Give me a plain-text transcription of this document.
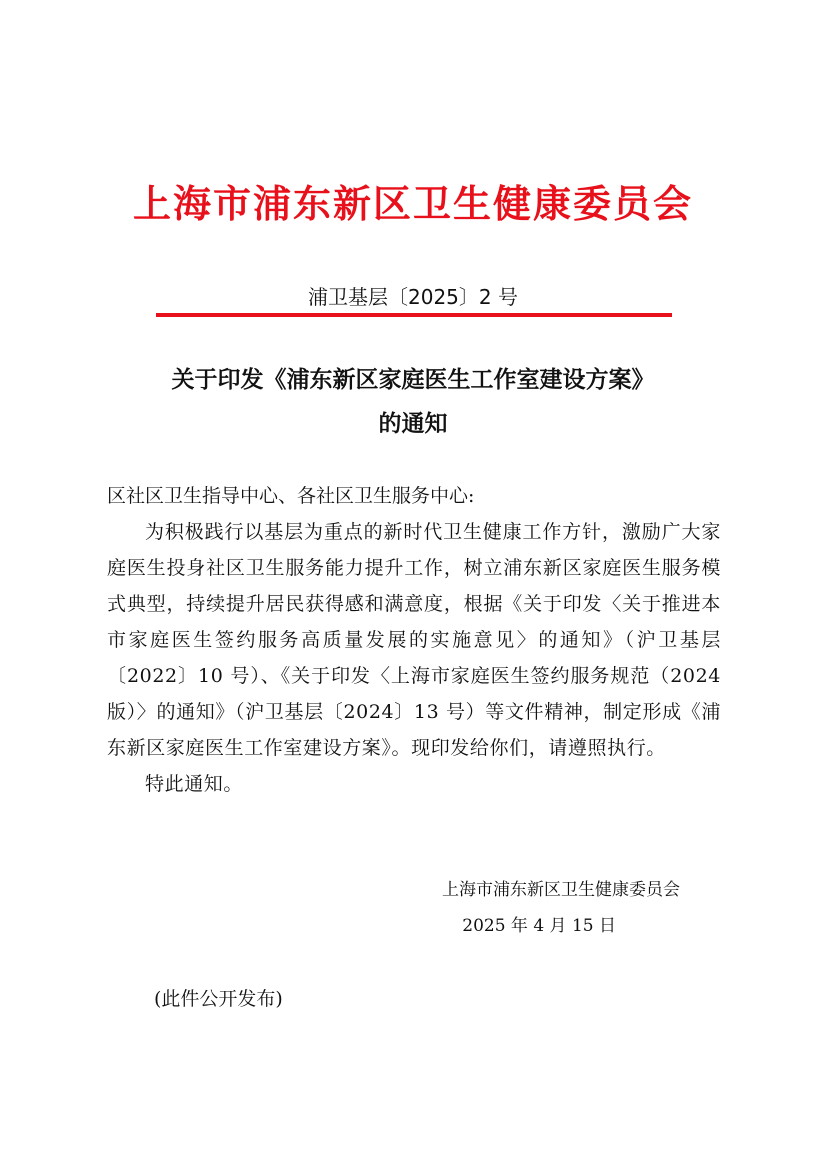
上海市浦东新区卫生健康委员会
浦卫基层〔2025〕2 号
关于印发《浦东新区家庭医生工作室建设方案》
的通知

区社区卫生指导中心、各社区卫生服务中心:

为积极践行以基层为重点的新时代卫生健康工作方针，激励广大家庭医生投身社区卫生服务能力提升工作，树立浦东新区家庭医生服务模式典型，持续提升居民获得感和满意度，根据《关于印发〈关于推进本市家庭医生签约服务高质量发展的实施意见〉的通知》（沪卫基层〔2022〕10 号）、《关于印发〈上海市家庭医生签约服务规范（2024 版）〉的通知》（沪卫基层〔2024〕13 号）等文件精神，制定形成《浦东新区家庭医生工作室建设方案》。现印发给你们，请遵照执行。

特此通知。

上海市浦东新区卫生健康委员会
2025 年 4 月 15 日
(此件公开发布)
